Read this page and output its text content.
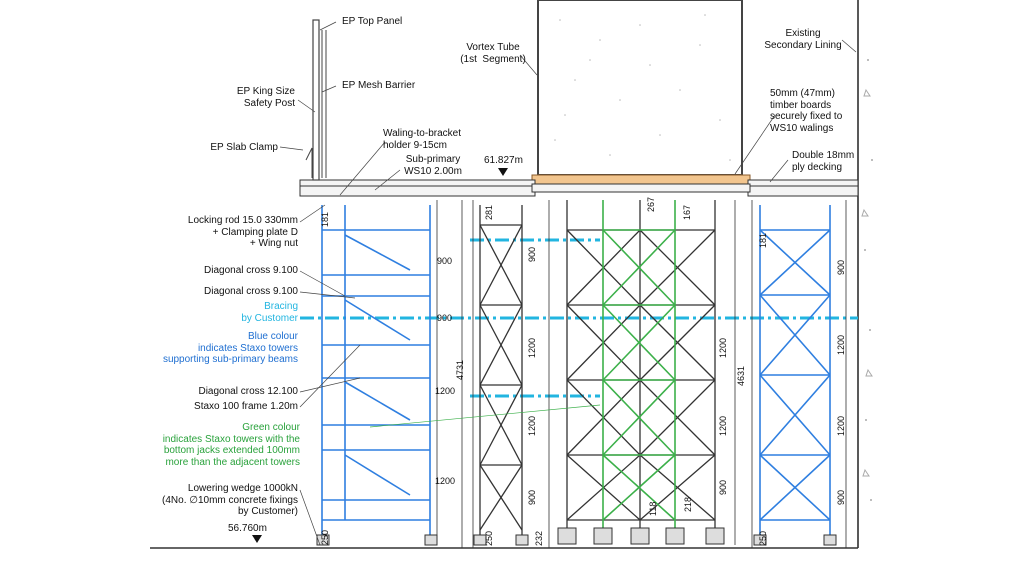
EP Top Panel
EP Mesh Barrier
EP King Size
Safety Post
EP Slab Clamp
Waling-to-bracket
holder 9-15cm
Sub-primary
WS10 2.00m
61.827m
Vortex Tube
(1st  Segment)
Existing
Secondary Lining
50mm (47mm)
timber boards
securely fixed to
WS10 walings
Double 18mm
ply decking
Locking rod 15.0 330mm
+ Clamping plate D
+ Wing nut
Diagonal cross 9.100
Diagonal cross 9.100
Bracing
by Customer
Blue colour
indicates Staxo towers
supporting sub-primary beams
Diagonal cross 12.100
Staxo 100 frame 1.20m
Green colour
indicates Staxo towers with the
bottom jacks extended 100mm
more than the adjacent towers
Lowering wedge 1000kN
(4No. ∅10mm concrete fixings
by Customer)
56.760m
181
900
900
1200
1200
250
4731
281
900
1200
1200
900
250	232
267
167
4631
1200
1200
900
118	218
181
900
1200
1200
900
250
